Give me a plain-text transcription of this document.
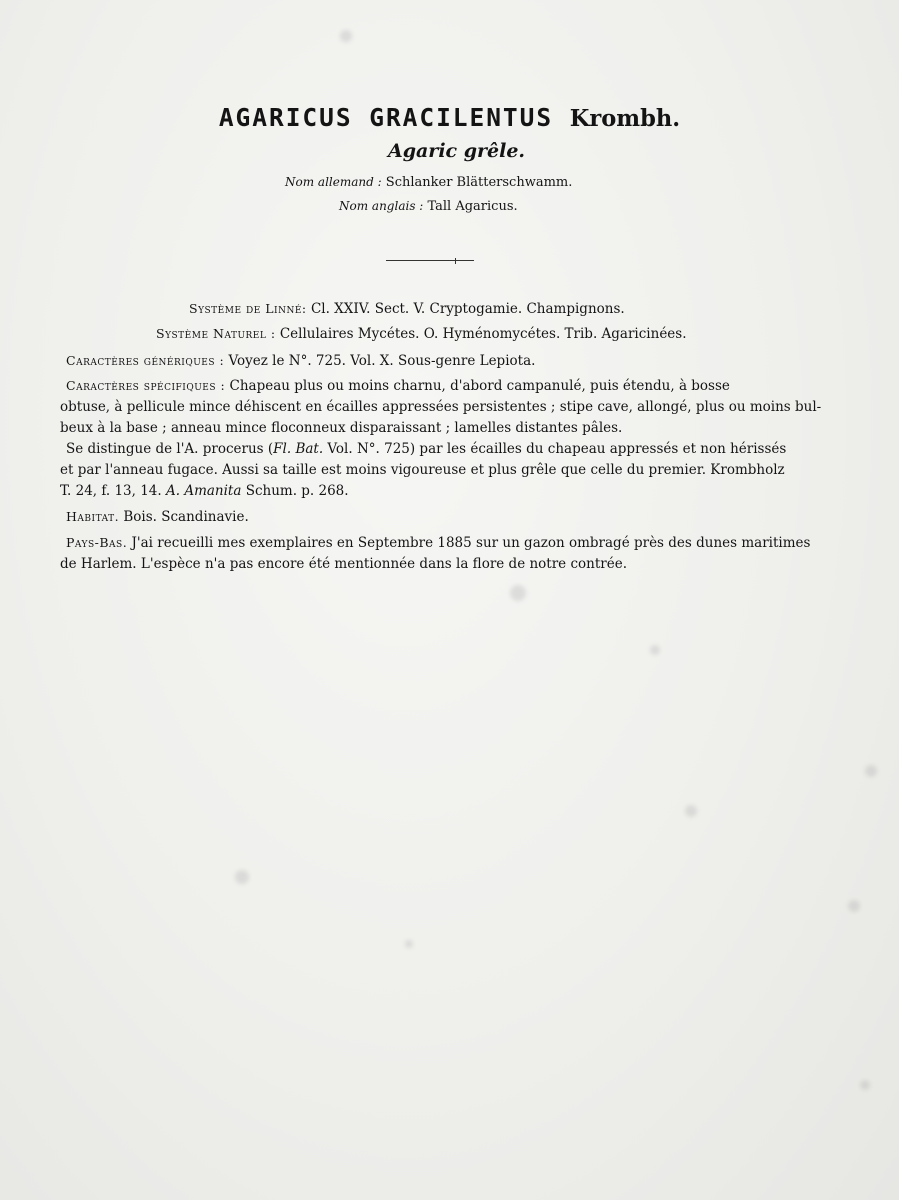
AGARICUS GRACILENTUS Krombh.
Agaric grêle.
Nom allemand : Schlanker Blätterschwamm.
Nom anglais : Tall Agaricus.
Système de Linné: Cl. XXIV. Sect. V. Cryptogamie. Champignons.
Système Naturel : Cellulaires Mycétes. O. Hyménomycétes. Trib. Agaricinées.
Caractères génériques : Voyez le N°. 725. Vol. X. Sous-genre Lepiota.
Caractères spécifiques : Chapeau plus ou moins charnu, d'abord campanulé, puis étendu, à bosse
obtuse, à pellicule mince déhiscent en écailles appressées persistentes ; stipe cave, allongé, plus ou moins bul-
beux à la base ; anneau mince floconneux disparaissant ; lamelles distantes pâles.
Se distingue de l'A. procerus (Fl. Bat. Vol. N°. 725) par les écailles du chapeau appressés et non hérissés
et par l'anneau fugace. Aussi sa taille est moins vigoureuse et plus grêle que celle du premier. Krombholz
T. 24, f. 13, 14. A. Amanita Schum. p. 268.
Habitat. Bois. Scandinavie.
Pays-Bas. J'ai recueilli mes exemplaires en Septembre 1885 sur un gazon ombragé près des dunes maritimes
de Harlem. L'espèce n'a pas encore été mentionnée dans la flore de notre contrée.
